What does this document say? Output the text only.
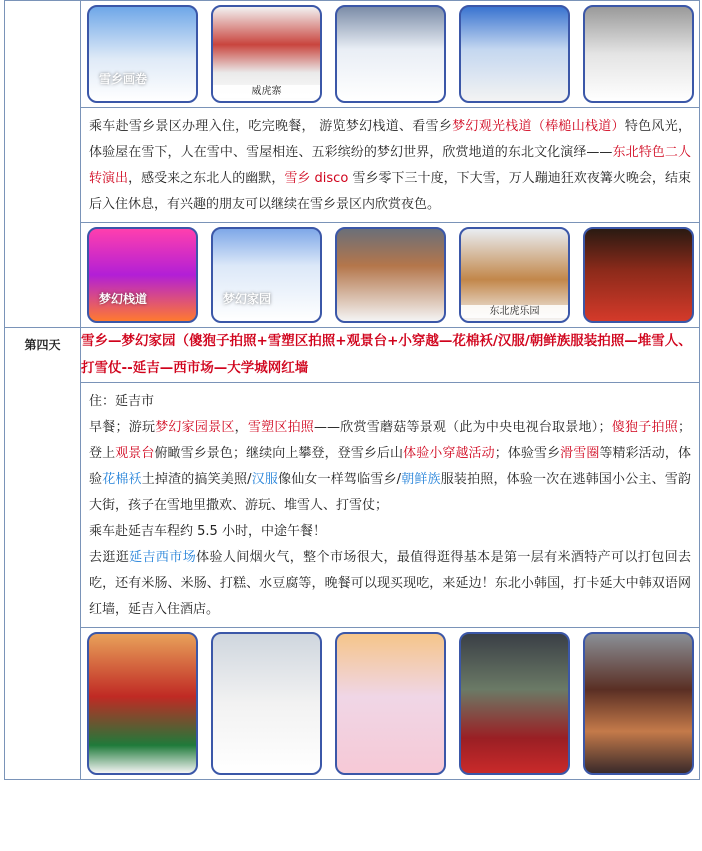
	雪乡画卷
威虎寨

	乘车赴雪乡景区办理入住，吃完晚餐， 游览梦幻栈道、看雪乡梦幻观光栈道（棒槌山栈道）特色风光，体验屋在雪下，人在雪中、雪屋相连、五彩缤纷的梦幻世界，欣赏地道的东北文化演绎——东北特色二人转演出，感受来之东北人的幽默，雪乡 disco 雪乡零下三十度，下大雪，万人蹦迪狂欢夜篝火晚会，结束后入住休息，有兴趣的朋友可以继续在雪乡景区内欣赏夜色。

	梦幻栈道 梦幻家园
东北虎乐园

第四天	雪乡—梦幻家园（傻狍子拍照+雪塑区拍照+观景台+小穿越—花棉袄/汉服/朝鲜族服装拍照—堆雪人、打雪仗--延吉—西市场—大学城网红墙

	住：延吉市
早餐；游玩梦幻家园景区，雪塑区拍照——欣赏雪蘑菇等景观（此为中央电视台取景地）；傻狍子拍照；登上观景台俯瞰雪乡景色；继续向上攀登，登雪乡后山体验小穿越活动；体验雪乡滑雪圈等精彩活动，体验花棉袄土掉渣的搞笑美照/汉服像仙女一样驾临雪乡/朝鲜族服装拍照，体验一次在逃韩国小公主、雪韵大街，孩子在雪地里撒欢、游玩、堆雪人、打雪仗；
乘车赴延吉车程约 5.5 小时，中途午餐！
去逛逛延吉西市场体验人间烟火气，整个市场很大，最值得逛得基本是第一层有米酒特产可以打包回去吃，还有米肠、米肠、打糕、水豆腐等，晚餐可以现买现吃，来延边！东北小韩国，打卡延大中韩双语网红墙，延吉入住酒店。
